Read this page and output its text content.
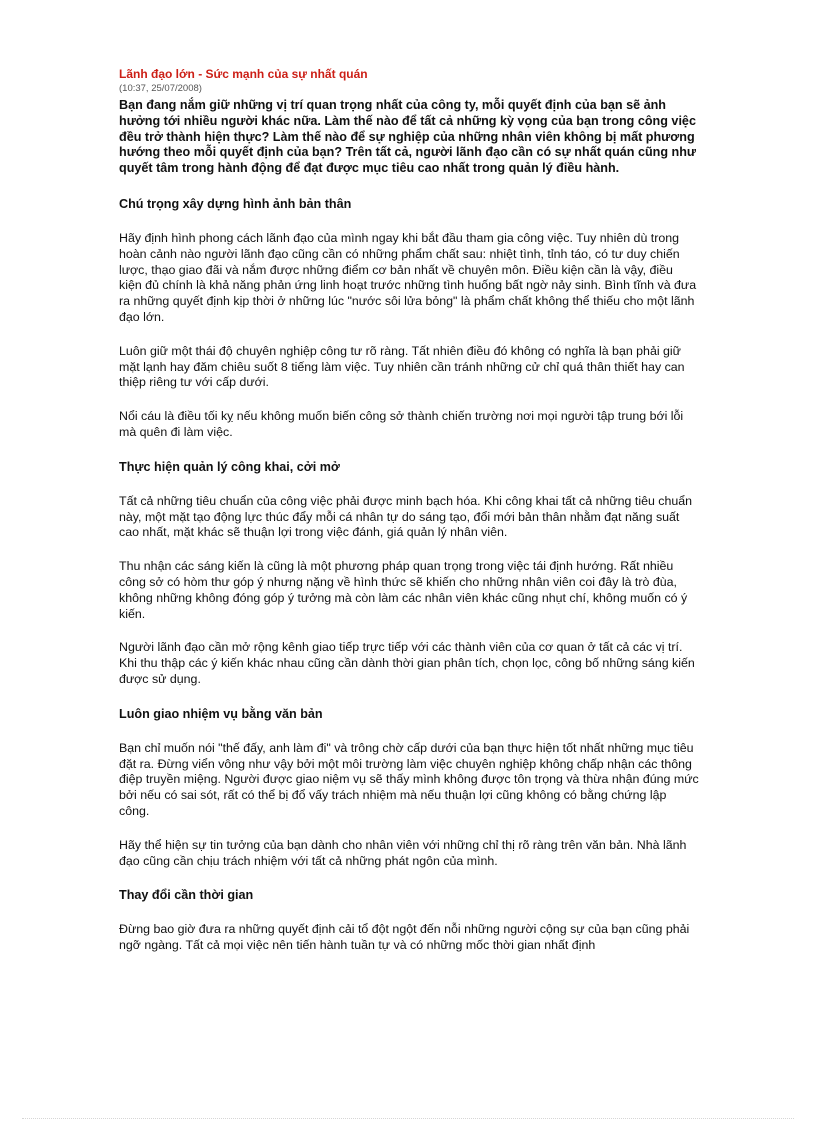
Lãnh đạo lớn - Sức mạnh của sự nhất quán

(10:37, 25/07/2008)

Bạn đang nắm giữ những vị trí quan trọng nhất của công ty, mỗi quyết định của bạn sẽ ảnh hưởng tới nhiều người khác nữa. Làm thế nào để tất cả những kỳ vọng của bạn trong công việc đều trở thành hiện thực? Làm thế nào để sự nghiệp của những nhân viên không bị mất phương hướng theo mỗi quyết định của bạn? Trên tất cả, người lãnh đạo cần có sự nhất quán cũng như quyết tâm trong hành động để đạt được mục tiêu cao nhất trong quản lý điều hành.

Chú trọng xây dựng hình ảnh bản thân

Hãy định hình phong cách lãnh đạo của mình ngay khi bắt đầu tham gia công việc. Tuy nhiên dù trong hoàn cảnh nào người lãnh đạo cũng cần có những phẩm chất sau: nhiệt tình, tỉnh táo, có tư duy chiến lược, thạo giao đãi và nắm được những điểm cơ bản nhất về chuyên môn. Điều kiện cần là vậy, điều kiện đủ chính là khả năng phản ứng linh hoạt trước những tình huống bất ngờ nảy sinh. Bình tĩnh và đưa ra những quyết định kịp thời ở những lúc "nước sôi lửa bỏng" là phẩm chất không thể thiếu cho một lãnh đạo lớn.

Luôn giữ một thái độ chuyên nghiệp công tư rõ ràng. Tất nhiên điều đó không có nghĩa là bạn phải giữ mặt lạnh hay đăm chiêu suốt 8 tiếng làm việc. Tuy nhiên cần tránh những cử chỉ quá thân thiết hay can thiệp riêng tư với cấp dưới.

Nổi cáu là điều tối kỵ nếu không muốn biến công sở thành chiến trường nơi mọi người tập trung bới lỗi mà quên đi làm việc.

Thực hiện quản lý công khai, cởi mở

Tất cả những tiêu chuẩn của công việc phải được minh bạch hóa. Khi công khai tất cả những tiêu chuẩn này, một mặt tạo động lực thúc đẩy mỗi cá nhân tự do sáng tạo, đổi mới bản thân nhằm đạt năng suất cao nhất, mặt khác sẽ thuận lợi trong việc đánh, giá quản lý nhân viên.

Thu nhận các sáng kiến là cũng là một phương pháp quan trọng trong việc tái định hướng. Rất nhiều công sở có hòm thư góp ý nhưng nặng về hình thức sẽ khiến cho những nhân viên coi đây là trò đùa, không những không đóng góp ý tưởng mà còn làm các nhân viên khác cũng nhụt chí, không muốn có ý kiến.

Người lãnh đạo cần mở rộng kênh giao tiếp trực tiếp với các thành viên của cơ quan ở tất cả các vị trí. Khi thu thập các ý kiến khác nhau cũng cần dành thời gian phân tích, chọn lọc, công bố những sáng kiến được sử dụng.

Luôn giao nhiệm vụ bằng văn bản

Bạn chỉ muốn nói "thế đấy, anh làm đi" và trông chờ cấp dưới của bạn thực hiện tốt nhất những mục tiêu đặt ra. Đừng viển vông như vậy bởi một môi trường làm việc chuyên nghiệp không chấp nhận các thông điệp truyền miệng. Người được giao niệm vụ sẽ thấy mình không được tôn trọng và thừa nhận đúng mức bởi nếu có sai sót, rất có thể bị đổ vấy trách nhiệm mà nếu thuận lợi cũng không có bằng chứng lập công.

Hãy thể hiện sự tin tưởng của bạn dành cho nhân viên với những chỉ thị rõ ràng trên văn bản. Nhà lãnh đạo cũng cần chịu trách nhiệm với tất cả những phát ngôn của mình.

Thay đổi cần thời gian

Đừng bao giờ đưa ra những quyết định cải tổ đột ngột đến nỗi những người cộng sự của bạn cũng phải ngỡ ngàng. Tất cả mọi việc nên tiến hành tuần tự và có những mốc thời gian nhất định
